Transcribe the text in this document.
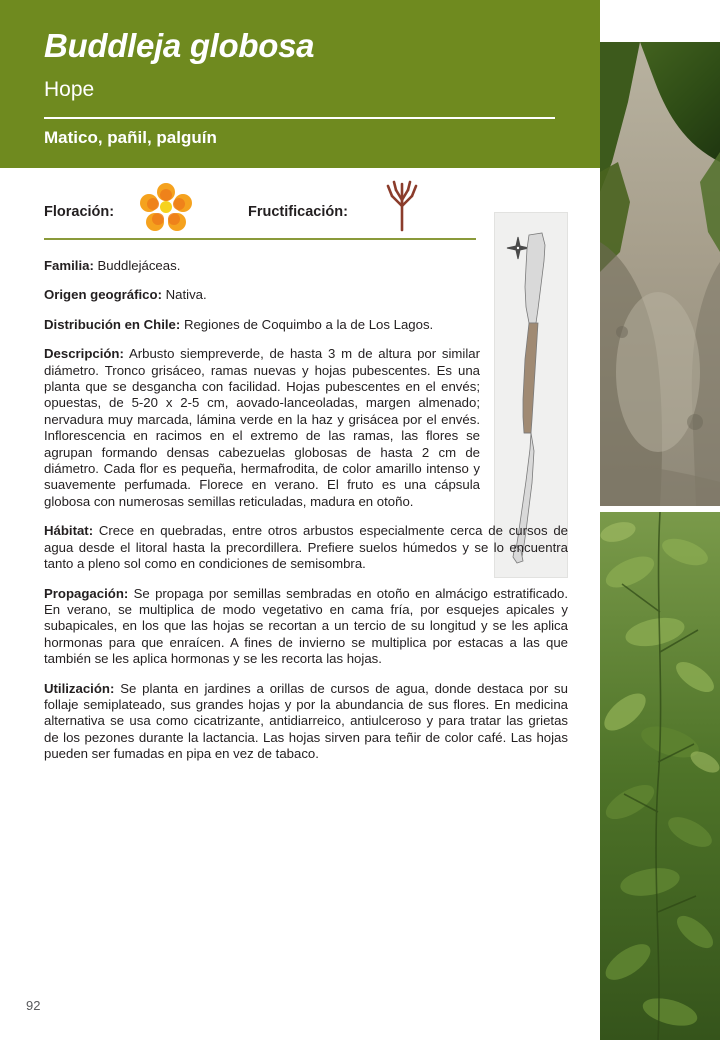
Buddleja globosa
Hope
Matico, pañil, palguín
Floración:	Fructificación:

Familia: Buddlejáceas.

Origen geográfico: Nativa.

Distribución en Chile: Regiones de Coquimbo a la de Los Lagos.

Descripción: Arbusto siempreverde, de hasta 3 m de altura por similar diámetro. Tronco grisáceo, ramas nuevas y hojas pubescentes. Es una planta que se desgancha con facilidad. Hojas pubescentes en el envés; opuestas, de 5-20 x 2-5 cm, aovado-lanceoladas, margen almenado; nervadura muy marcada, lámina verde en la haz y grisácea por el envés. Inflorescencia en racimos en el extremo de las ramas, las flores se agrupan formando densas cabezuelas globosas de hasta 2 cm de diámetro. Cada flor es pequeña, hermafrodita, de color amarillo intenso y suavemente perfumada. Florece en verano. El fruto es una cápsula globosa con numerosas semillas reticuladas, madura en otoño.

Hábitat: Crece en quebradas, entre otros arbustos especialmente cerca de cursos de agua desde el litoral hasta la precordillera. Prefiere suelos húmedos y se lo encuentra tanto a pleno sol como en condiciones de semisombra.

Propagación: Se propaga por semillas sembradas en otoño en almácigo estratificado. En verano, se multiplica de modo vegetativo en cama fría, por esquejes apicales y subapicales, en los que las hojas se recortan a un tercio de su longitud y se les aplica hormonas para que enraícen. A fines de invierno se multiplica por estacas a las que también se les aplica hormonas y se les recorta las hojas.

Utilización: Se planta en jardines a orillas de cursos de agua, donde destaca por su follaje semiplateado, sus grandes hojas y por la abundancia de sus flores. En medicina alternativa se usa como cicatrizante, antidiarreico, antiulceroso y para tratar las grietas de los pezones durante la lactancia. Las hojas sirven para teñir de color café. Las hojas pueden ser fumadas en pipa en vez de tabaco.

92
